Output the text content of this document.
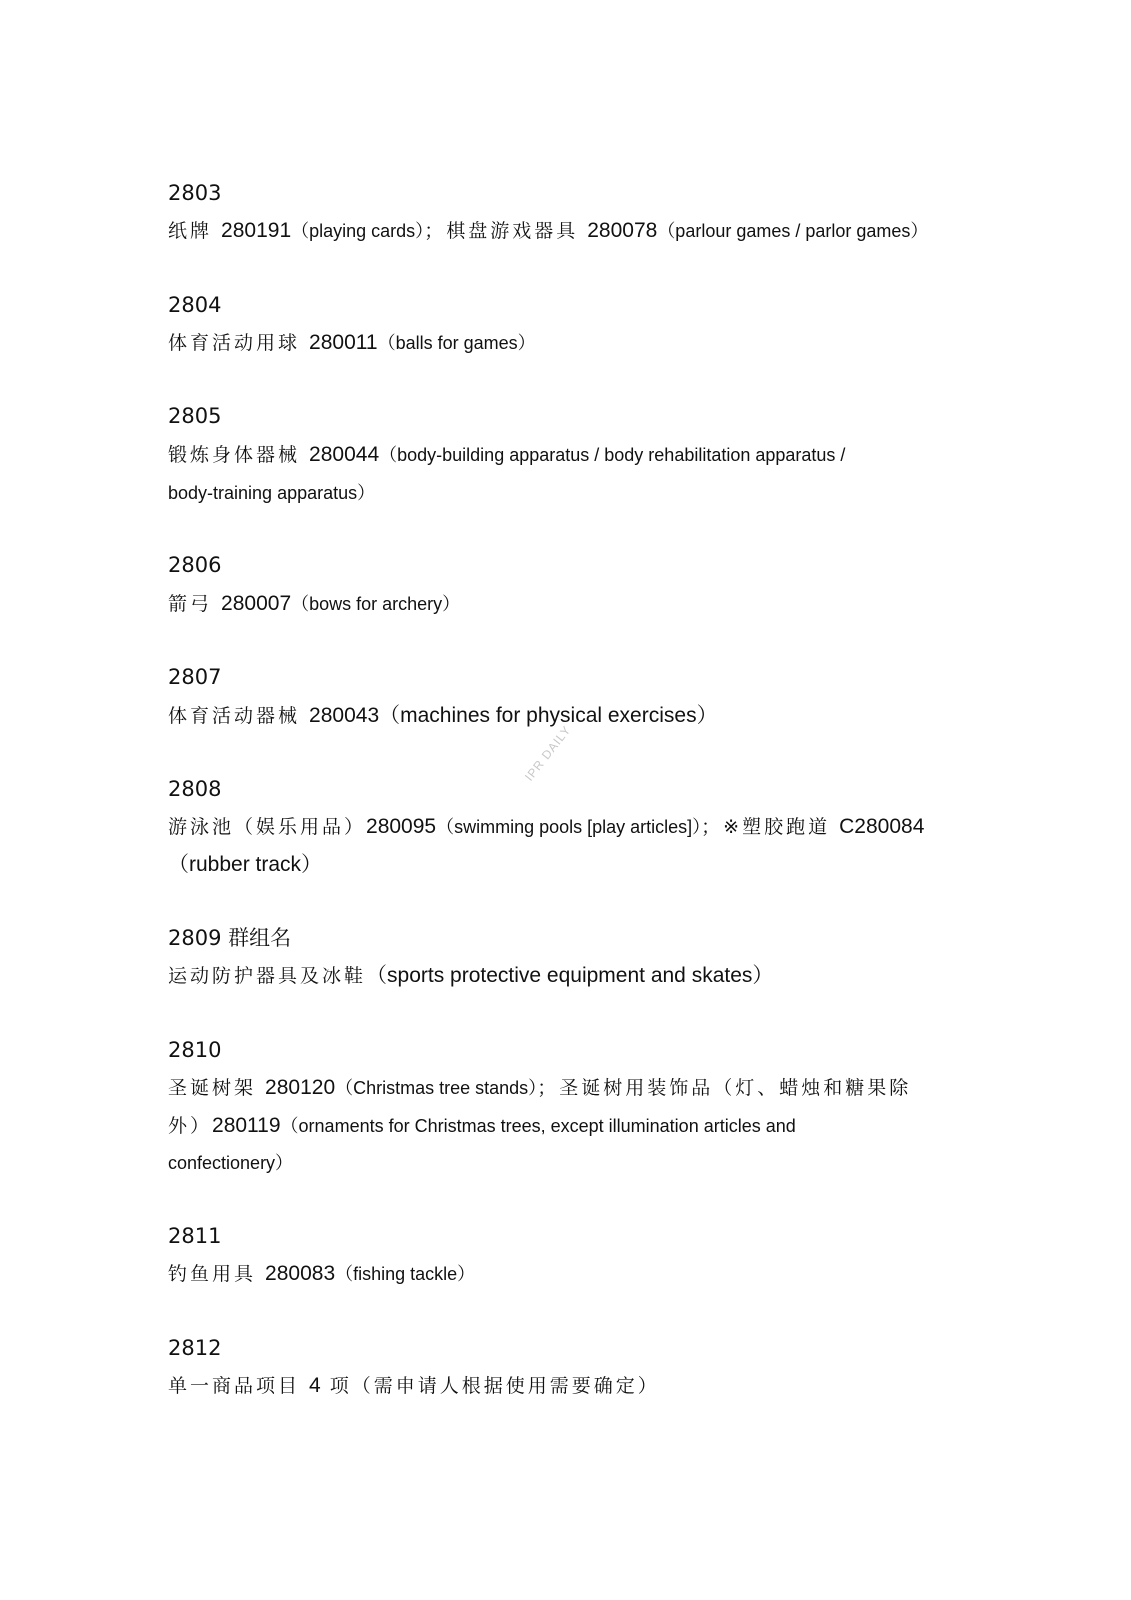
IPR DAILY
2803
纸牌 280191（playing cards）；棋盘游戏器具 280078（parlour games / parlor games）
2804
体育活动用球 280011（balls for games）
2805
锻炼身体器械 280044（body-building apparatus / body rehabilitation apparatus /
body-training apparatus）
2806
箭弓 280007（bows for archery）
2807
体育活动器械 280043（machines for physical exercises）
2808
游泳池（娱乐用品）280095（swimming pools [play articles]）；※塑胶跑道 C280084
（rubber track）
2809 群组名
运动防护器具及冰鞋（sports protective equipment and skates）
2810
圣诞树架 280120（Christmas tree stands）；圣诞树用装饰品（灯、蜡烛和糖果除
外）280119（ornaments for Christmas trees, except illumination articles and
confectionery）
2811
钓鱼用具 280083（fishing tackle）
2812
单一商品项目 4 项（需申请人根据使用需要确定）
